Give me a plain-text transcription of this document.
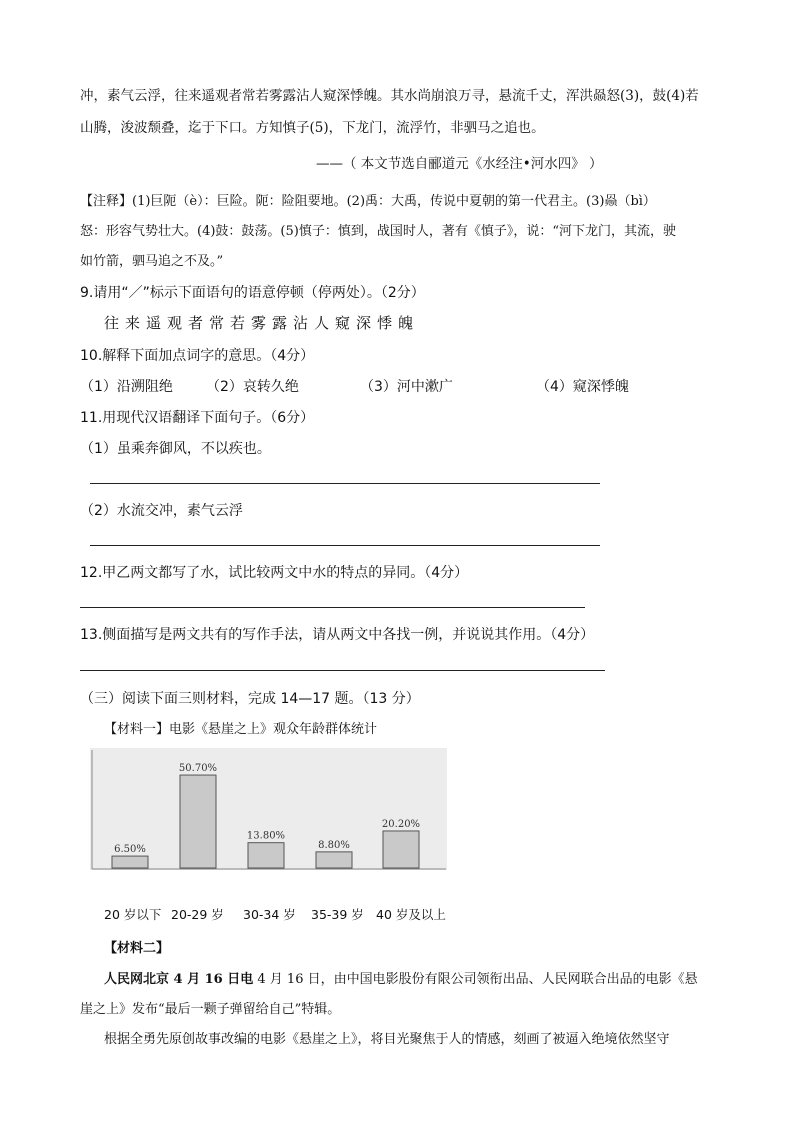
冲，素气云浮，往来遥观者常若雾露沾人窥深悸魄。其水尚崩浪万寻，悬流千丈，浑洪赑怒(3)，鼓(4)若
山腾，浚波颓叠，迄于下口。方知慎子(5)，下龙门，流浮竹，非驷马之追也。
——（ 本文节选自郦道元《水经注•河水四》 ）
【注释】(1)巨阨（è）：巨险。阨：险阻要地。(2)禹：大禹，传说中夏朝的第一代君主。(3)赑（bì）
怒：形容气势壮大。(4)鼓：鼓荡。(5)慎子：慎到，战国时人，著有《慎子》，说：“河下龙门，其流，驶
如竹箭，驷马追之不及。”
9.请用“／”标示下面语句的语意停顿（停两处）。（2分）
往来遥观者常若雾露沾人窥深悸魄
10.解释下面加点词字的意思。（4分）
（1）沿溯阻绝 （2）哀转久绝	（3）河中漱广	（4）窥深悸魄
11.用现代汉语翻译下面句子。（6分）
（1）虽乘奔御风，不以疾也。
（2）水流交冲，素气云浮
12.甲乙两文都写了水，试比较两文中水的特点的异同。（4分）
13.侧面描写是两文共有的写作手法，请从两文中各找一例，并说说其作用。（4分）
（三）阅读下面三则材料，完成 14—17 题。（13 分）
【材料一】电影《悬崖之上》观众年龄群体统计
6.50%
50.70%
13.80%
8.80%
20.20%
20 岁以下 20-29 岁 30-34 岁 35-39 岁 40 岁及以上
【材料二】
人民网北京 4 月 16 日电 4 月 16 日，由中国电影股份有限公司领衔出品、人民网联合出品的电影《悬
崖之上》发布“最后一颗子弹留给自己”特辑。
根据全勇先原创故事改编的电影《悬崖之上》，将目光聚焦于人的情感，刻画了被逼入绝境依然坚守
